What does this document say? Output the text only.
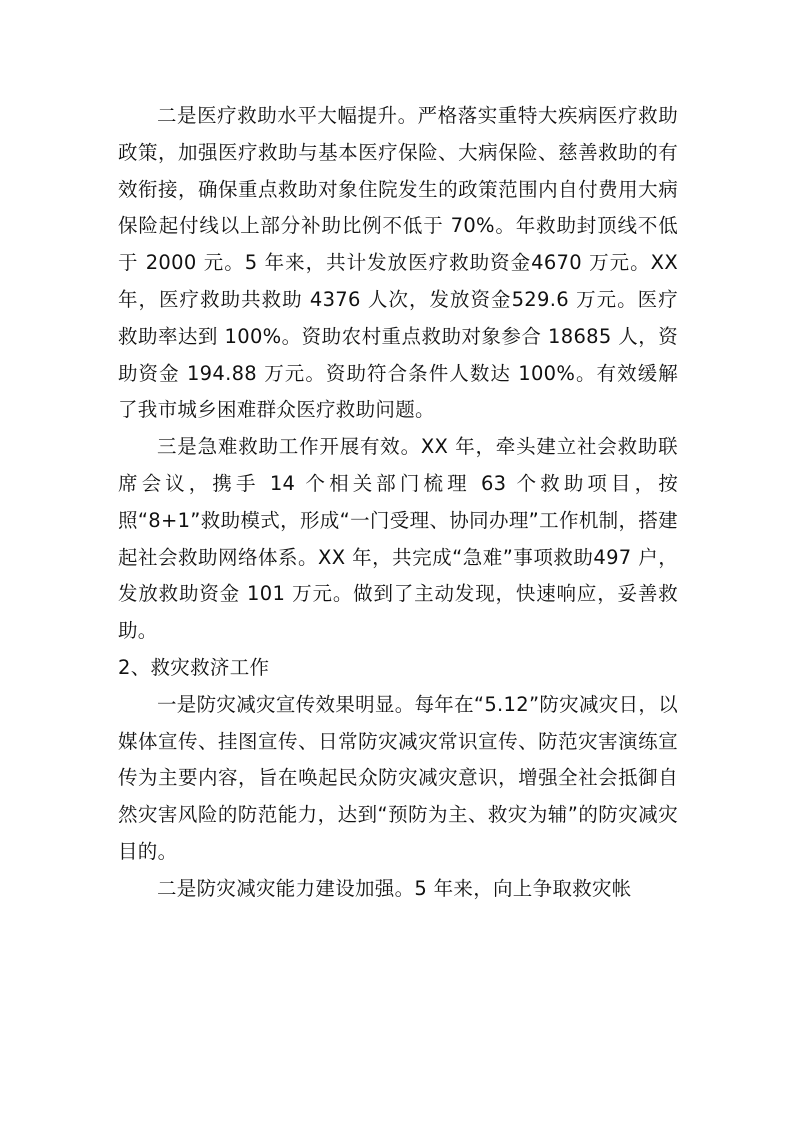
二是医疗救助水平大幅提升。严格落实重特大疾病医疗救助政策，加强医疗救助与基本医疗保险、大病保险、慈善救助的有效衔接，确保重点救助对象住院发生的政策范围内自付费用大病保险起付线以上部分补助比例不低于 70%。年救助封顶线不低于 2000 元。5 年来，共计发放医疗救助资金4670 万元。XX 年，医疗救助共救助 4376 人次，发放资金529.6 万元。医疗救助率达到 100%。资助农村重点救助对象参合 18685 人，资助资金 194.88 万元。资助符合条件人数达 100%。有效缓解了我市城乡困难群众医疗救助问题。

三是急难救助工作开展有效。XX 年，牵头建立社会救助联席会议，携手 14 个相关部门梳理 63 个救助项目，按照“8+1”救助模式，形成“一门受理、协同办理”工作机制，搭建起社会救助网络体系。XX 年，共完成“急难”事项救助497 户，发放救助资金 101 万元。做到了主动发现，快速响应，妥善救助。

2、救灾救济工作

一是防灾减灾宣传效果明显。每年在“5.12”防灾减灾日，以媒体宣传、挂图宣传、日常防灾减灾常识宣传、防范灾害演练宣传为主要内容，旨在唤起民众防灾减灾意识，增强全社会抵御自然灾害风险的防范能力，达到“预防为主、救灾为辅”的防灾减灾目的。

二是防灾减灾能力建设加强。5 年来，向上争取救灾帐
